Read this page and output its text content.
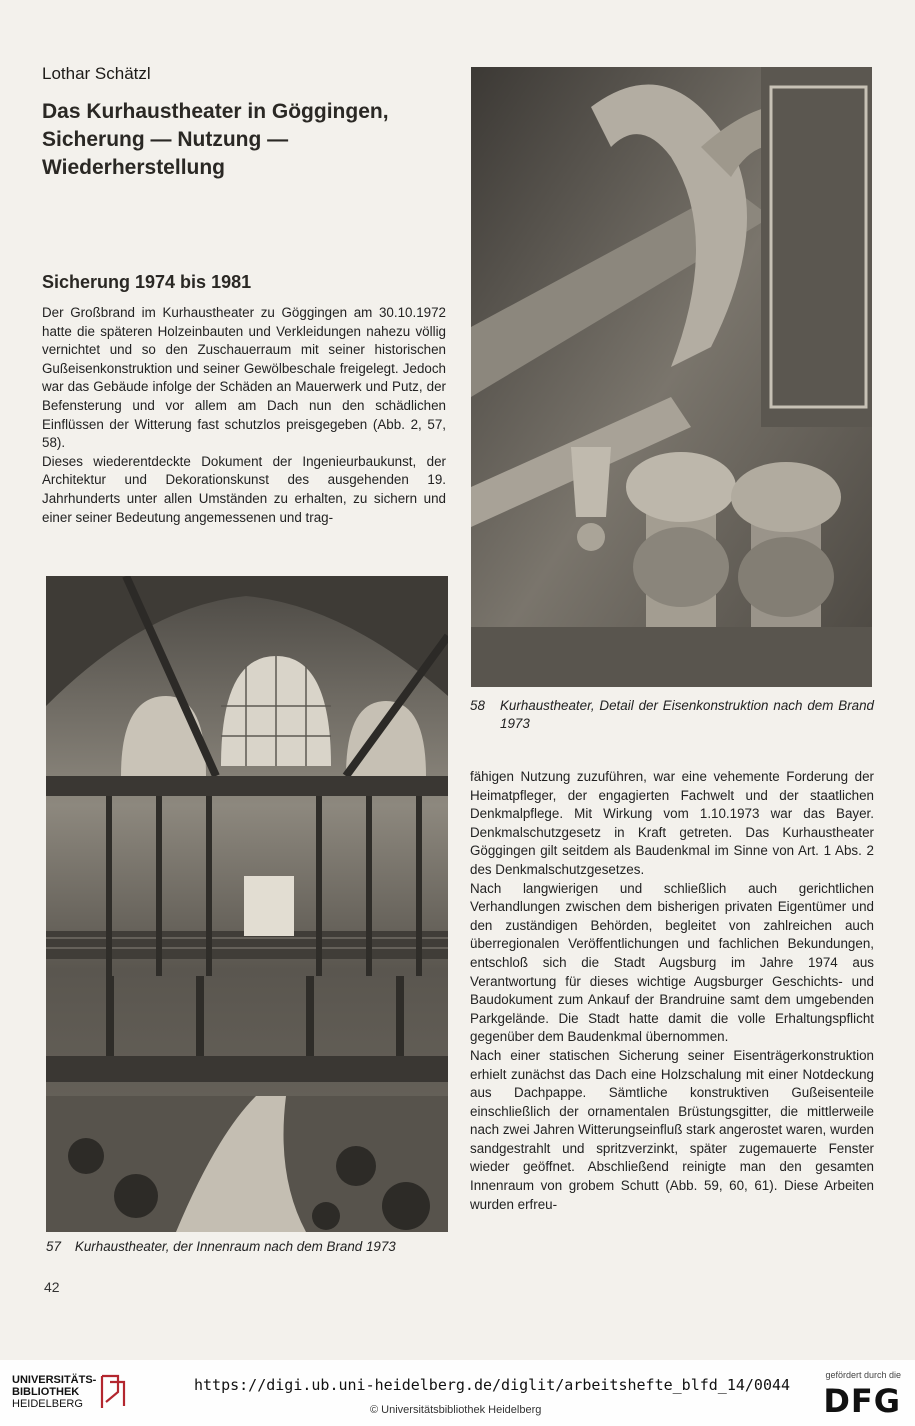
Lothar Schätzl
Das Kurhaustheater in Göggingen,
Sicherung — Nutzung —
Wiederherstellung
Sicherung 1974 bis 1981

Der Großbrand im Kurhaustheater zu Göggingen am 30.10.1972 hatte die späteren Holzeinbauten und Verkleidungen nahezu völlig vernichtet und so den Zuschauerraum mit seiner historischen Gußeisenkonstruktion und seiner Gewölbeschale freigelegt. Jedoch war das Gebäude infolge der Schäden an Mauerwerk und Putz, der Befensterung und vor allem am Dach nun den schädlichen Einflüssen der Witterung fast schutzlos preisgegeben (Abb. 2, 57, 58).

Dieses wiederentdeckte Dokument der Ingenieurbaukunst, der Architektur und Dekorationskunst des ausgehenden 19. Jahrhunderts unter allen Umständen zu erhalten, zu sichern und einer seiner Bedeutung angemessenen und trag-

58 Kurhaustheater, Detail der Eisenkonstruktion nach dem Brand 1973
57 Kurhaustheater, der Innenraum nach dem Brand 1973

fähigen Nutzung zuzuführen, war eine vehemente Forderung der Heimatpfleger, der engagierten Fachwelt und der staatlichen Denkmalpflege. Mit Wirkung vom 1.10.1973 war das Bayer. Denkmalschutzgesetz in Kraft getreten. Das Kurhaustheater Göggingen gilt seitdem als Baudenkmal im Sinne von Art. 1 Abs. 2 des Denkmalschutzgesetzes.

Nach langwierigen und schließlich auch gerichtlichen Verhandlungen zwischen dem bisherigen privaten Eigentümer und den zuständigen Behörden, begleitet von zahlreichen auch überregionalen Veröffentlichungen und fachlichen Bekundungen, entschloß sich die Stadt Augsburg im Jahre 1974 aus Verantwortung für dieses wichtige Augsburger Geschichts- und Baudokument zum Ankauf der Brandruine samt dem umgebenden Parkgelände. Die Stadt hatte damit die volle Erhaltungspflicht gegenüber dem Baudenkmal übernommen.

Nach einer statischen Sicherung seiner Eisenträgerkonstruktion erhielt zunächst das Dach eine Holzschalung mit einer Notdeckung aus Dachpappe. Sämtliche konstruktiven Gußeisenteile einschließlich der ornamentalen Brüstungsgitter, die mittlerweile nach zwei Jahren Witterungseinfluß stark angerostet waren, wurden sandgestrahlt und spritzverzinkt, später zugemauerte Fenster wieder geöffnet. Abschließend reinigte man den gesamten Innenraum von grobem Schutt (Abb. 59, 60, 61). Diese Arbeiten wurden erfreu-

42
UNIVERSITÄTS-
BIBLIOTHEK
HEIDELBERG
https://digi.ub.uni-heidelberg.de/diglit/arbeitshefte_blfd_14/0044
© Universitätsbibliothek Heidelberg
gefördert durch die
DFG
